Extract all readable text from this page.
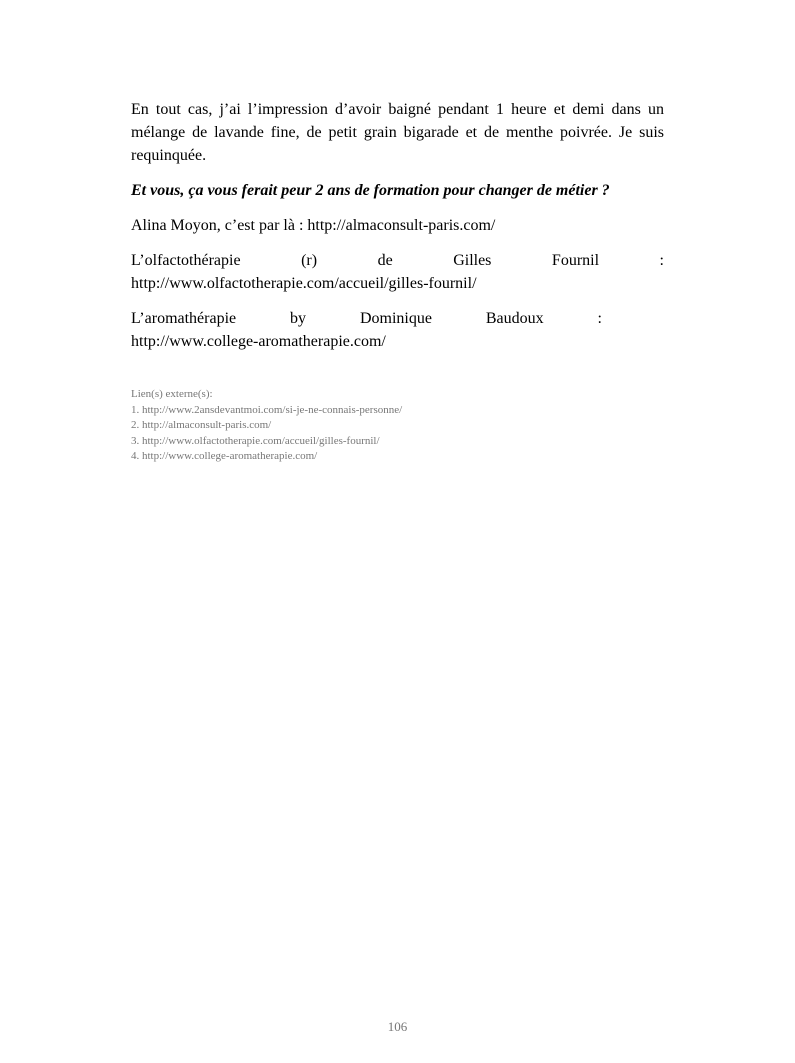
En tout cas, j’ai l’impression d’avoir baigné pendant 1 heure et demi dans un mélange de lavande fine, de petit grain bigarade et de menthe poivrée. Je suis requinquée.

Et vous, ça vous ferait peur 2 ans de formation pour changer de métier ?

Alina Moyon, c’est par là : http://almaconsult-paris.com/

L’olfactothérapie (r) de Gilles Fournil :
http://www.olfactotherapie.com/accueil/gilles-fournil/

L’aromathérapie by Dominique Baudoux :
http://www.college-aromatherapie.com/

Lien(s) externe(s):
1. http://www.2ansdevantmoi.com/si-je-ne-connais-personne/
2. http://almaconsult-paris.com/
3. http://www.olfactotherapie.com/accueil/gilles-fournil/
4. http://www.college-aromatherapie.com/
106
